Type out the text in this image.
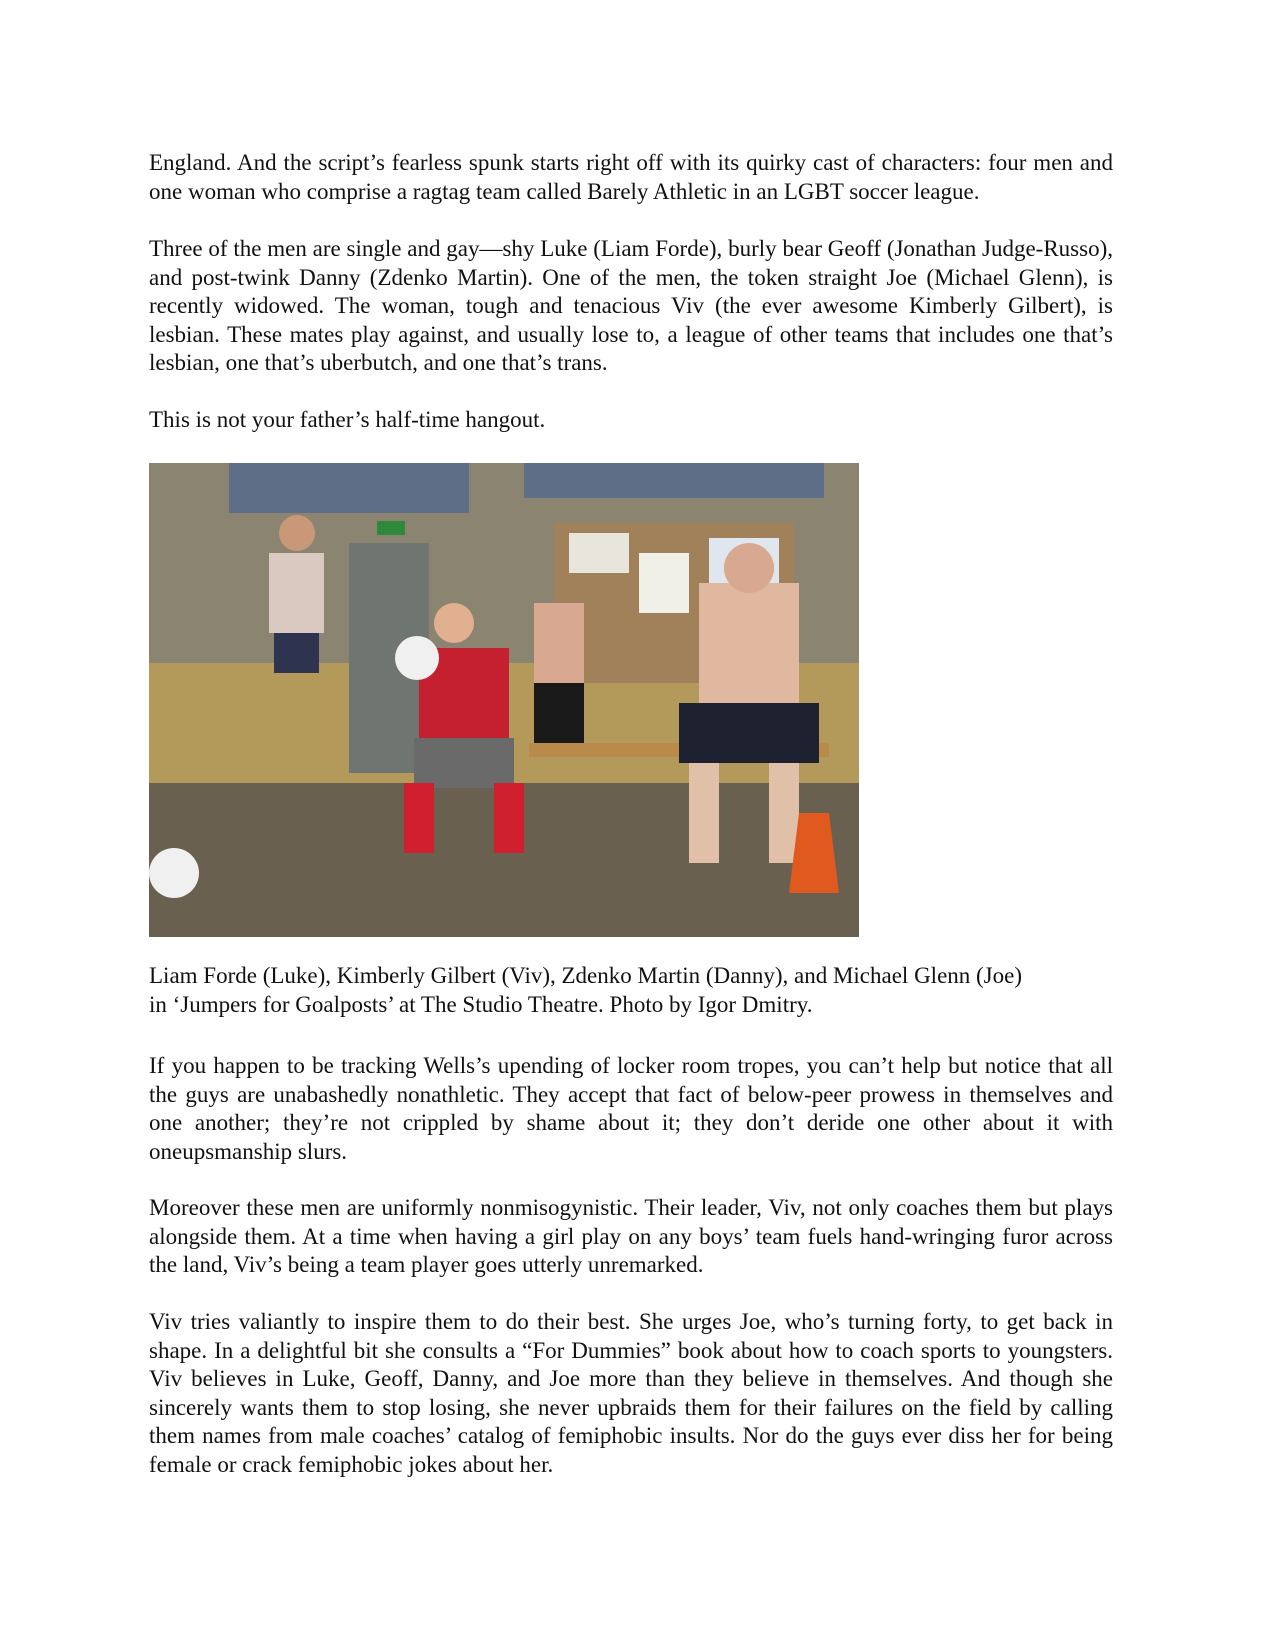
England. And the script’s fearless spunk starts right off with its quirky cast of characters: four men and one woman who comprise a ragtag team called Barely Athletic in an LGBT soccer league.

Three of the men are single and gay—shy Luke (Liam Forde), burly bear Geoff (Jonathan Judge-Russo), and post-twink Danny (Zdenko Martin). One of the men, the token straight Joe (Michael Glenn), is recently widowed. The woman, tough and tenacious Viv (the ever awesome Kimberly Gilbert), is lesbian. These mates play against, and usually lose to, a league of other teams that includes one that’s lesbian, one that’s uberbutch, and one that’s trans.

This is not your father’s half-time hangout.

Liam Forde (Luke), Kimberly Gilbert (Viv), Zdenko Martin (Danny), and Michael Glenn (Joe)
in ‘Jumpers for Goalposts’ at The Studio Theatre. Photo by Igor Dmitry.

If you happen to be tracking Wells’s upending of locker room tropes, you can’t help but notice that all the guys are unabashedly nonathletic. They accept that fact of below-peer prowess in themselves and one another; they’re not crippled by shame about it; they don’t deride one other about it with oneupsmanship slurs.

Moreover these men are uniformly nonmisogynistic. Their leader, Viv, not only coaches them but plays alongside them. At a time when having a girl play on any boys’ team fuels hand-wringing furor across the land, Viv’s being a team player goes utterly unremarked.

Viv tries valiantly to inspire them to do their best. She urges Joe, who’s turning forty, to get back in shape. In a delightful bit she consults a “For Dummies” book about how to coach sports to youngsters. Viv believes in Luke, Geoff, Danny, and Joe more than they believe in themselves. And though she sincerely wants them to stop losing, she never upbraids them for their failures on the field by calling them names from male coaches’ catalog of femiphobic insults. Nor do the guys ever diss her for being female or crack femiphobic jokes about her.
